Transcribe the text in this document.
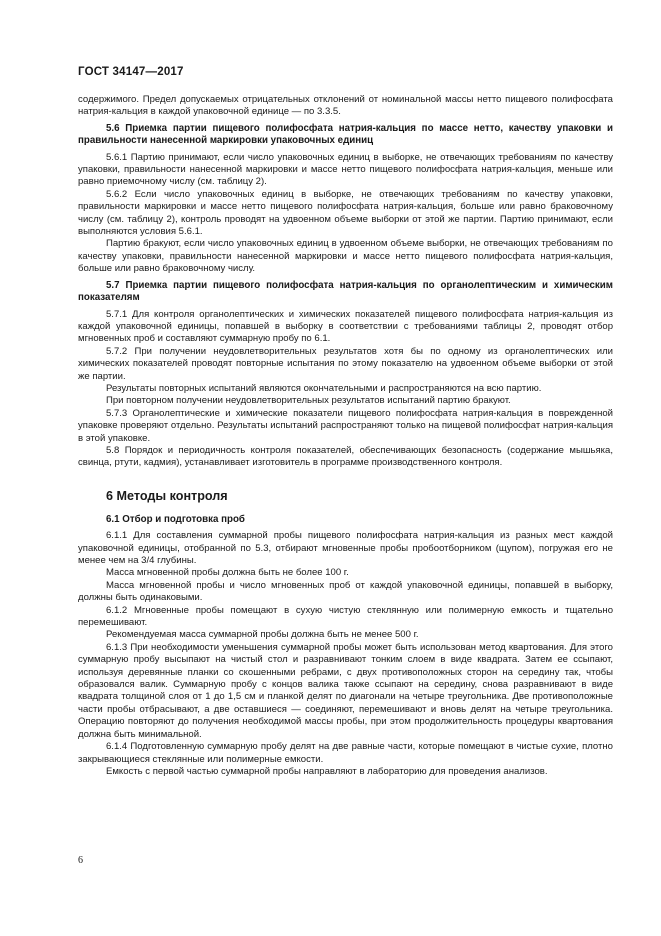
ГОСТ 34147—2017

содержимого. Предел допускаемых отрицательных отклонений от номинальной массы нетто пищевого полифосфата натрия-кальция в каждой упаковочной единице — по 3.3.5.

5.6 Приемка партии пищевого полифосфата натрия-кальция по массе нетто, качеству упаковки и правильности нанесенной маркировки упаковочных единиц

5.6.1 Партию принимают, если число упаковочных единиц в выборке, не отвечающих требованиям по качеству упаковки, правильности нанесенной маркировки и массе нетто пищевого полифосфата натрия-кальция, меньше или равно приемочному числу (см. таблицу 2).

5.6.2 Если число упаковочных единиц в выборке, не отвечающих требованиям по качеству упаковки, правильности маркировки и массе нетто пищевого полифосфата натрия-кальция, больше или равно браковочному числу (см. таблицу 2), контроль проводят на удвоенном объеме выборки от этой же партии. Партию принимают, если выполняются условия 5.6.1.

Партию бракуют, если число упаковочных единиц в удвоенном объеме выборки, не отвечающих требованиям по качеству упаковки, правильности нанесенной маркировки и массе нетто пищевого полифосфата натрия-кальция, больше или равно браковочному числу.

5.7 Приемка партии пищевого полифосфата натрия-кальция по органолептическим и химическим показателям

5.7.1 Для контроля органолептических и химических показателей пищевого полифосфата натрия-кальция из каждой упаковочной единицы, попавшей в выборку в соответствии с требованиями таблицы 2, проводят отбор мгновенных проб и составляют суммарную пробу по 6.1.

5.7.2 При получении неудовлетворительных результатов хотя бы по одному из органолептических или химических показателей проводят повторные испытания по этому показателю на удвоенном объеме выборки от этой же партии.

Результаты повторных испытаний являются окончательными и распространяются на всю партию.

При повторном получении неудовлетворительных результатов испытаний партию бракуют.

5.7.3 Органолептические и химические показатели пищевого полифосфата натрия-кальция в поврежденной упаковке проверяют отдельно. Результаты испытаний распространяют только на пищевой полифосфат натрия-кальция в этой упаковке.

5.8 Порядок и периодичность контроля показателей, обеспечивающих безопасность (содержание мышьяка, свинца, ртути, кадмия), устанавливает изготовитель в программе производственного контроля.

6 Методы контроля
6.1 Отбор и подготовка проб

6.1.1 Для составления суммарной пробы пищевого полифосфата натрия-кальция из разных мест каждой упаковочной единицы, отобранной по 5.3, отбирают мгновенные пробы пробоотборником (щупом), погружая его не менее чем на 3/4 глубины.

Масса мгновенной пробы должна быть не более 100 г.

Масса мгновенной пробы и число мгновенных проб от каждой упаковочной единицы, попавшей в выборку, должны быть одинаковыми.

6.1.2 Мгновенные пробы помещают в сухую чистую стеклянную или полимерную емкость и тщательно перемешивают.

Рекомендуемая масса суммарной пробы должна быть не менее 500 г.

6.1.3 При необходимости уменьшения суммарной пробы может быть использован метод квартования. Для этого суммарную пробу высыпают на чистый стол и разравнивают тонким слоем в виде квадрата. Затем ее ссыпают, используя деревянные планки со скошенными ребрами, с двух противоположных сторон на середину так, чтобы образовался валик. Суммарную пробу с концов валика также ссыпают на середину, снова разравнивают в виде квадрата толщиной слоя от 1 до 1,5 см и планкой делят по диагонали на четыре треугольника. Две противоположные части пробы отбрасывают, а две оставшиеся — соединяют, перемешивают и вновь делят на четыре треугольника. Операцию повторяют до получения необходимой массы пробы, при этом продолжительность процедуры квартования должна быть минимальной.

6.1.4 Подготовленную суммарную пробу делят на две равные части, которые помещают в чистые сухие, плотно закрывающиеся стеклянные или полимерные емкости.

Емкость с первой частью суммарной пробы направляют в лабораторию для проведения анализов.

6
